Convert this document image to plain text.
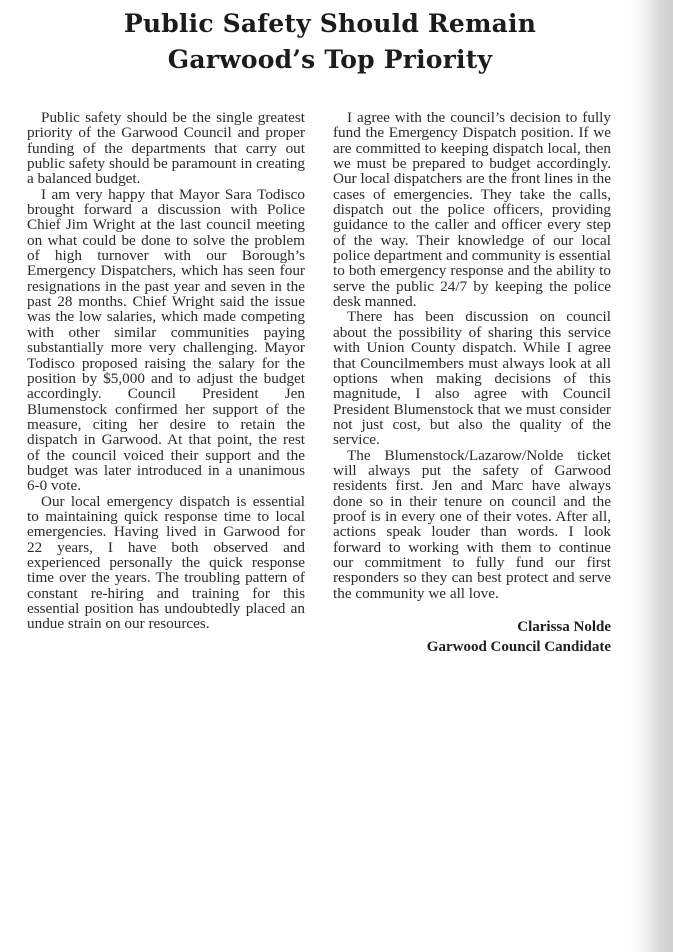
Public Safety Should Remain
Garwood’s Top Priority

Public safety should be the single greatest priority of the Garwood Council and proper funding of the departments that carry out public safety should be paramount in creating a balanced budget.

I am very happy that Mayor Sara Todisco brought forward a discussion with Police Chief Jim Wright at the last council meeting on what could be done to solve the problem of high turnover with our Borough’s Emergency Dispatchers, which has seen four resignations in the past year and seven in the past 28 months. Chief Wright said the issue was the low salaries, which made competing with other similar communities paying substantially more very challenging. Mayor Todisco proposed raising the salary for the position by $5,000 and to adjust the budget accordingly. Council President Jen Blumenstock confirmed her support of the measure, citing her desire to retain the dispatch in Garwood. At that point, the rest of the council voiced their support and the budget was later introduced in a unanimous 6-0 vote.

Our local emergency dispatch is essential to maintaining quick response time to local emergencies. Having lived in Garwood for 22 years, I have both observed and experienced personally the quick response time over the years. The troubling pattern of constant re-hiring and training for this essential position has undoubtedly placed an undue strain on our resources.

I agree with the council’s decision to fully fund the Emergency Dispatch position. If we are committed to keeping dispatch local, then we must be prepared to budget accordingly. Our local dispatchers are the front lines in the cases of emergencies. They take the calls, dispatch out the police officers, providing guidance to the caller and officer every step of the way. Their knowledge of our local police department and community is essential to both emergency response and the ability to serve the public 24/7 by keeping the police desk manned.

There has been discussion on council about the possibility of sharing this service with Union County dispatch. While I agree that Councilmembers must always look at all options when making decisions of this magnitude, I also agree with Council President Blumenstock that we must consider not just cost, but also the quality of the service.

The Blumenstock/Lazarow/Nolde ticket will always put the safety of Garwood residents first. Jen and Marc have always done so in their tenure on council and the proof is in every one of their votes. After all, actions speak louder than words. I look forward to working with them to continue our commitment to fully fund our first responders so they can best protect and serve the community we all love.

Clarissa Nolde
Garwood Council Candidate
